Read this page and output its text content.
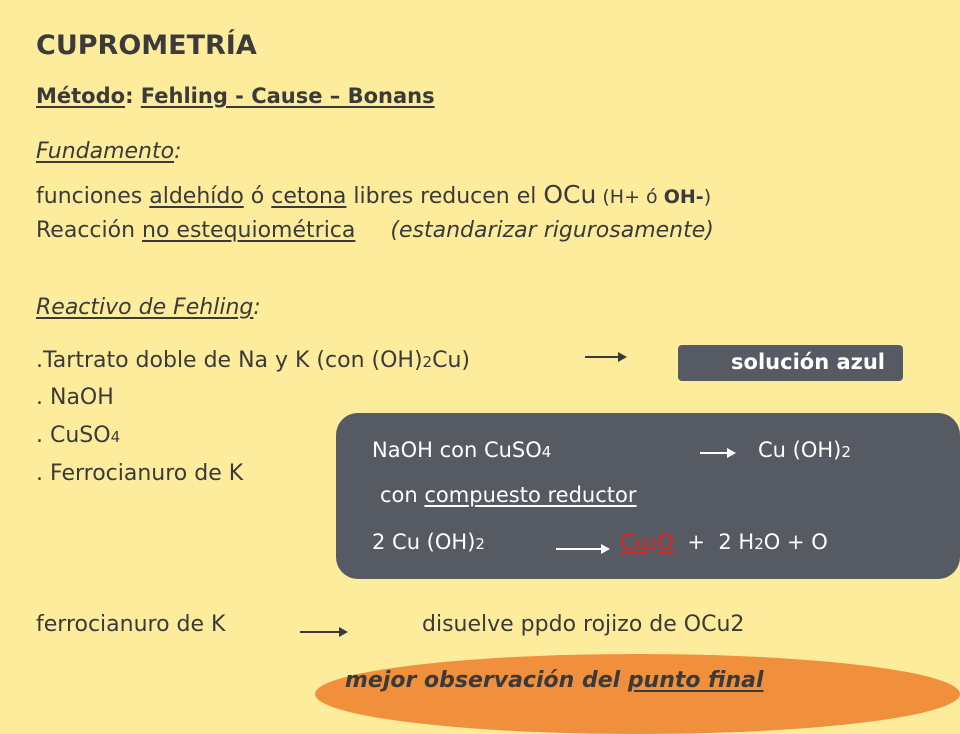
CUPROMETRÍA
Método: Fehling - Cause – Bonans
Fundamento:
funciones aldehído ó cetona libres reducen el OCu (H+ ó OH-)
Reacción no estequiométrica (estandarizar rigurosamente)
Reactivo de Fehling:
.Tartrato doble de Na y K (con (OH)2Cu)	solución azul
. NaOH
. CuSO4
. Ferrocianuro de K
NaOH con CuSO4	Cu (OH)2
con compuesto reductor
2 Cu (OH)2	Cu2O  +  2 H2O + O
ferrocianuro de K	disuelve ppdo rojizo de OCu2
mejor observación del punto final
